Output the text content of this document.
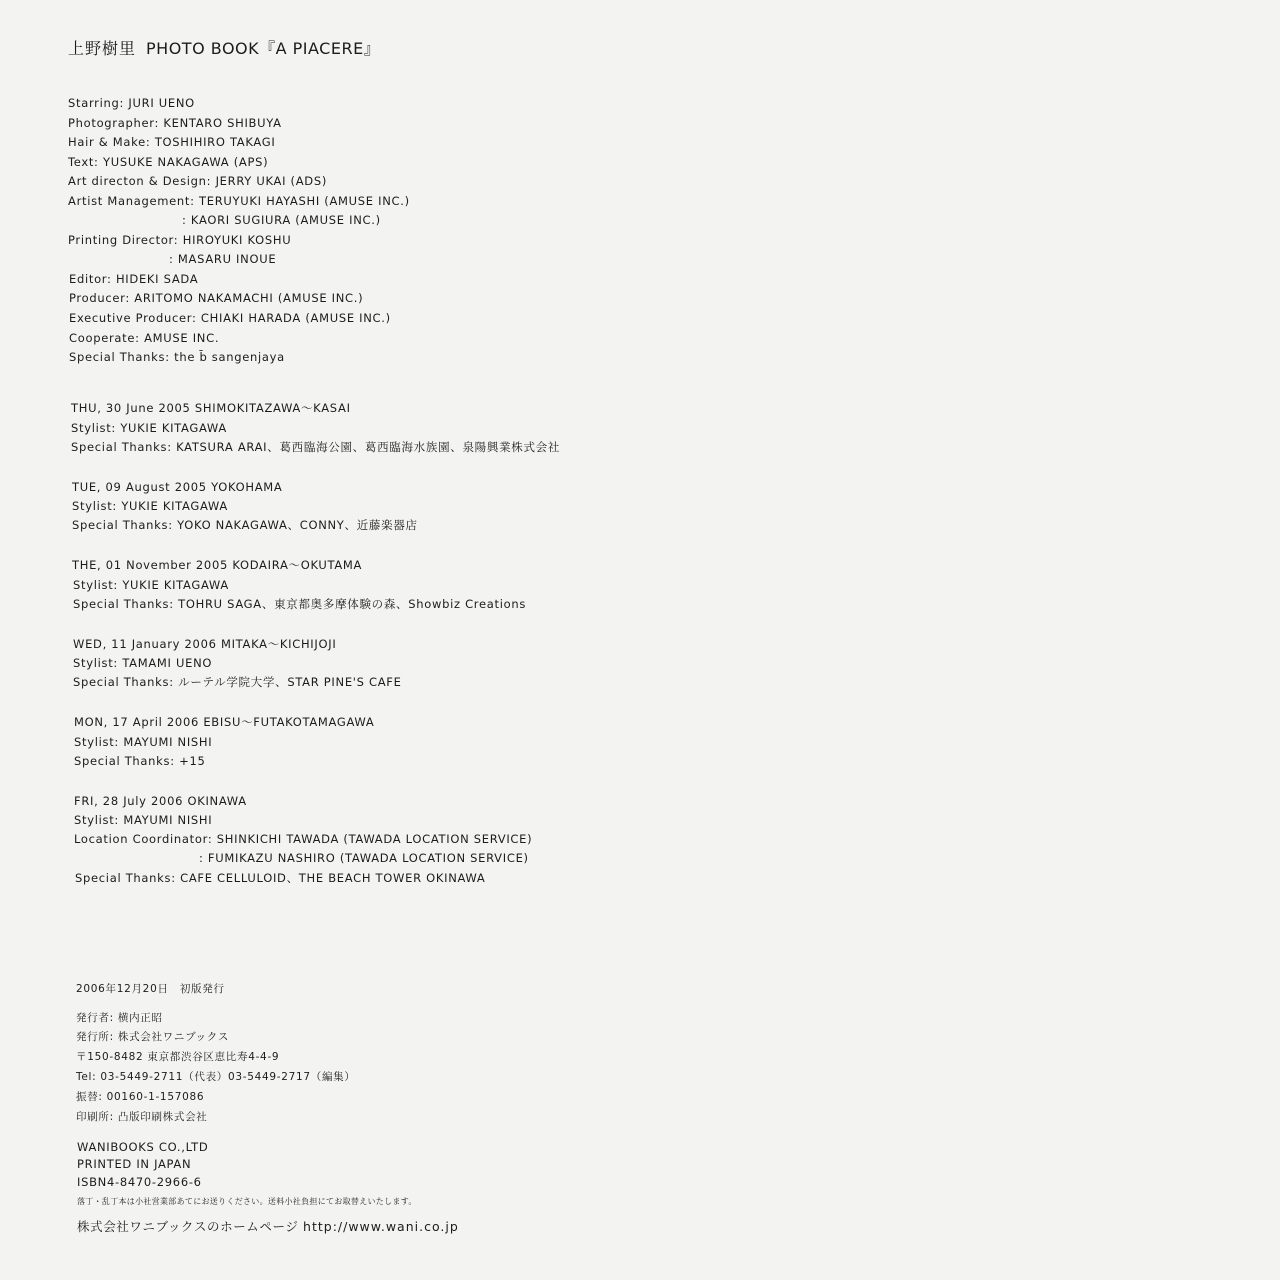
上野樹里 PHOTO BOOK『A PIACERE』
Starring: JURI UENO
Photographer: KENTARO SHIBUYA
Hair & Make: TOSHIHIRO TAKAGI
Text: YUSUKE NAKAGAWA (APS)
Art directon & Design: JERRY UKAI (ADS)
Artist Management: TERUYUKI HAYASHI (AMUSE INC.)
: KAORI SUGIURA (AMUSE INC.)
Printing Director: HIROYUKI KOSHU
: MASARU INOUE
Editor: HIDEKI SADA
Producer: ARITOMO NAKAMACHI (AMUSE INC.)
Executive Producer: CHIAKI HARADA (AMUSE INC.)
Cooperate: AMUSE INC.
Special Thanks: the b̄ sangenjaya
THU, 30 June 2005 SHIMOKITAZAWA～KASAI
Stylist: YUKIE KITAGAWA
Special Thanks: KATSURA ARAI、葛西臨海公園、葛西臨海水族園、泉陽興業株式会社
TUE, 09 August 2005 YOKOHAMA
Stylist: YUKIE KITAGAWA
Special Thanks: YOKO NAKAGAWA、CONNY、近藤楽器店
THE, 01 November 2005 KODAIRA～OKUTAMA
Stylist: YUKIE KITAGAWA
Special Thanks: TOHRU SAGA、東京都奥多摩体験の森、Showbiz Creations
WED, 11 January 2006 MITAKA～KICHIJOJI
Stylist: TAMAMI UENO
Special Thanks: ルーテル学院大学、STAR PINE'S CAFE
MON, 17 April 2006 EBISU～FUTAKOTAMAGAWA
Stylist: MAYUMI NISHI
Special Thanks: +15
FRI, 28 July 2006 OKINAWA
Stylist: MAYUMI NISHI
Location Coordinator: SHINKICHI TAWADA (TAWADA LOCATION SERVICE)
: FUMIKAZU NASHIRO (TAWADA LOCATION SERVICE)
Special Thanks: CAFE CELLULOID、THE BEACH TOWER OKINAWA
2006年12月20日　初版発行
発行者: 横内正昭
発行所: 株式会社ワニブックス
〒150-8482 東京都渋谷区恵比寿4-4-9
Tel: 03-5449-2711（代表）03-5449-2717（編集）
振替: 00160-1-157086
印刷所: 凸版印刷株式会社
WANIBOOKS CO.,LTD
PRINTED IN JAPAN
ISBN4-8470-2966-6
落丁・乱丁本は小社営業部あてにお送りください。送料小社負担にてお取替えいたします。
株式会社ワニブックスのホームページ http://www.wani.co.jp
